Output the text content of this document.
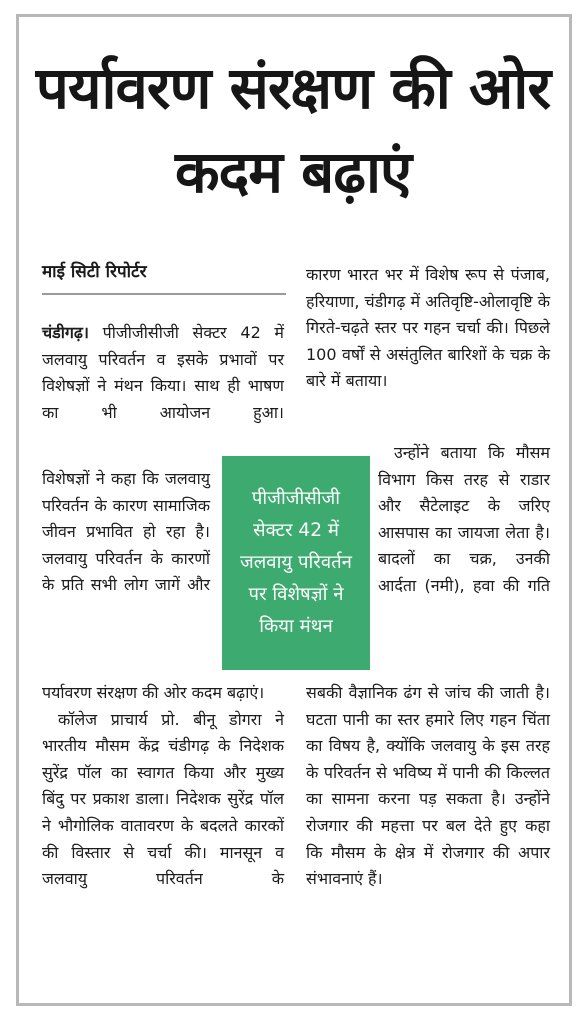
पर्यावरण संरक्षण की ओर कदम बढ़ाएं
माई सिटी रिपोर्टर

चंडीगढ़। पीजीजीसीजी सेक्टर 42 में जलवायु परिवर्तन व इसके प्रभावों पर विशेषज्ञों ने मंथन किया। साथ ही भाषण का भी आयोजन हुआ।

विशेषज्ञों ने कहा कि जलवायु परिवर्तन के कारण सामाजिक जीवन प्रभावित हो रहा है। जलवायु परिवर्तन के कारणों के प्रति सभी लोग जागें और

पर्यावरण संरक्षण की ओर कदम बढ़ाएं।

कॉलेज प्राचार्य प्रो. बीनू डोगरा ने भारतीय मौसम केंद्र चंडीगढ़ के निदेशक सुरेंद्र पॉल का स्वागत किया और मुख्य बिंदु पर प्रकाश डाला। निदेशक सुरेंद्र पॉल ने भौगोलिक वातावरण के बदलते कारकों की विस्तार से चर्चा की। मानसून व जलवायु परिवर्तन के

कारण भारत भर में विशेष रूप से पंजाब, हरियाणा, चंडीगढ़ में अतिवृष्टि-ओलावृष्टि के गिरते-चढ़ते स्तर पर गहन चर्चा की। पिछले 100 वर्षों से असंतुलित बारिशों के चक्र के बारे में बताया।

उन्होंने बताया कि मौसम विभाग किस तरह से राडार और सैटेलाइट के जरिए आसपास का जायजा लेता है। बादलों का चक्र, उनकी आर्दता (नमी), हवा की गति

सबकी वैज्ञानिक ढंग से जांच की जाती है। घटता पानी का स्तर हमारे लिए गहन चिंता का विषय है, क्योंकि जलवायु के इस तरह के परिवर्तन से भविष्य में पानी की किल्लत का सामना करना पड़ सकता है। उन्होंने रोजगार की महत्ता पर बल देते हुए कहा कि मौसम के क्षेत्र में रोजगार की अपार संभावनाएं हैं।

पीजीजीसीजी सेक्टर 42 में जलवायु परिवर्तन पर विशेषज्ञों ने किया मंथन
